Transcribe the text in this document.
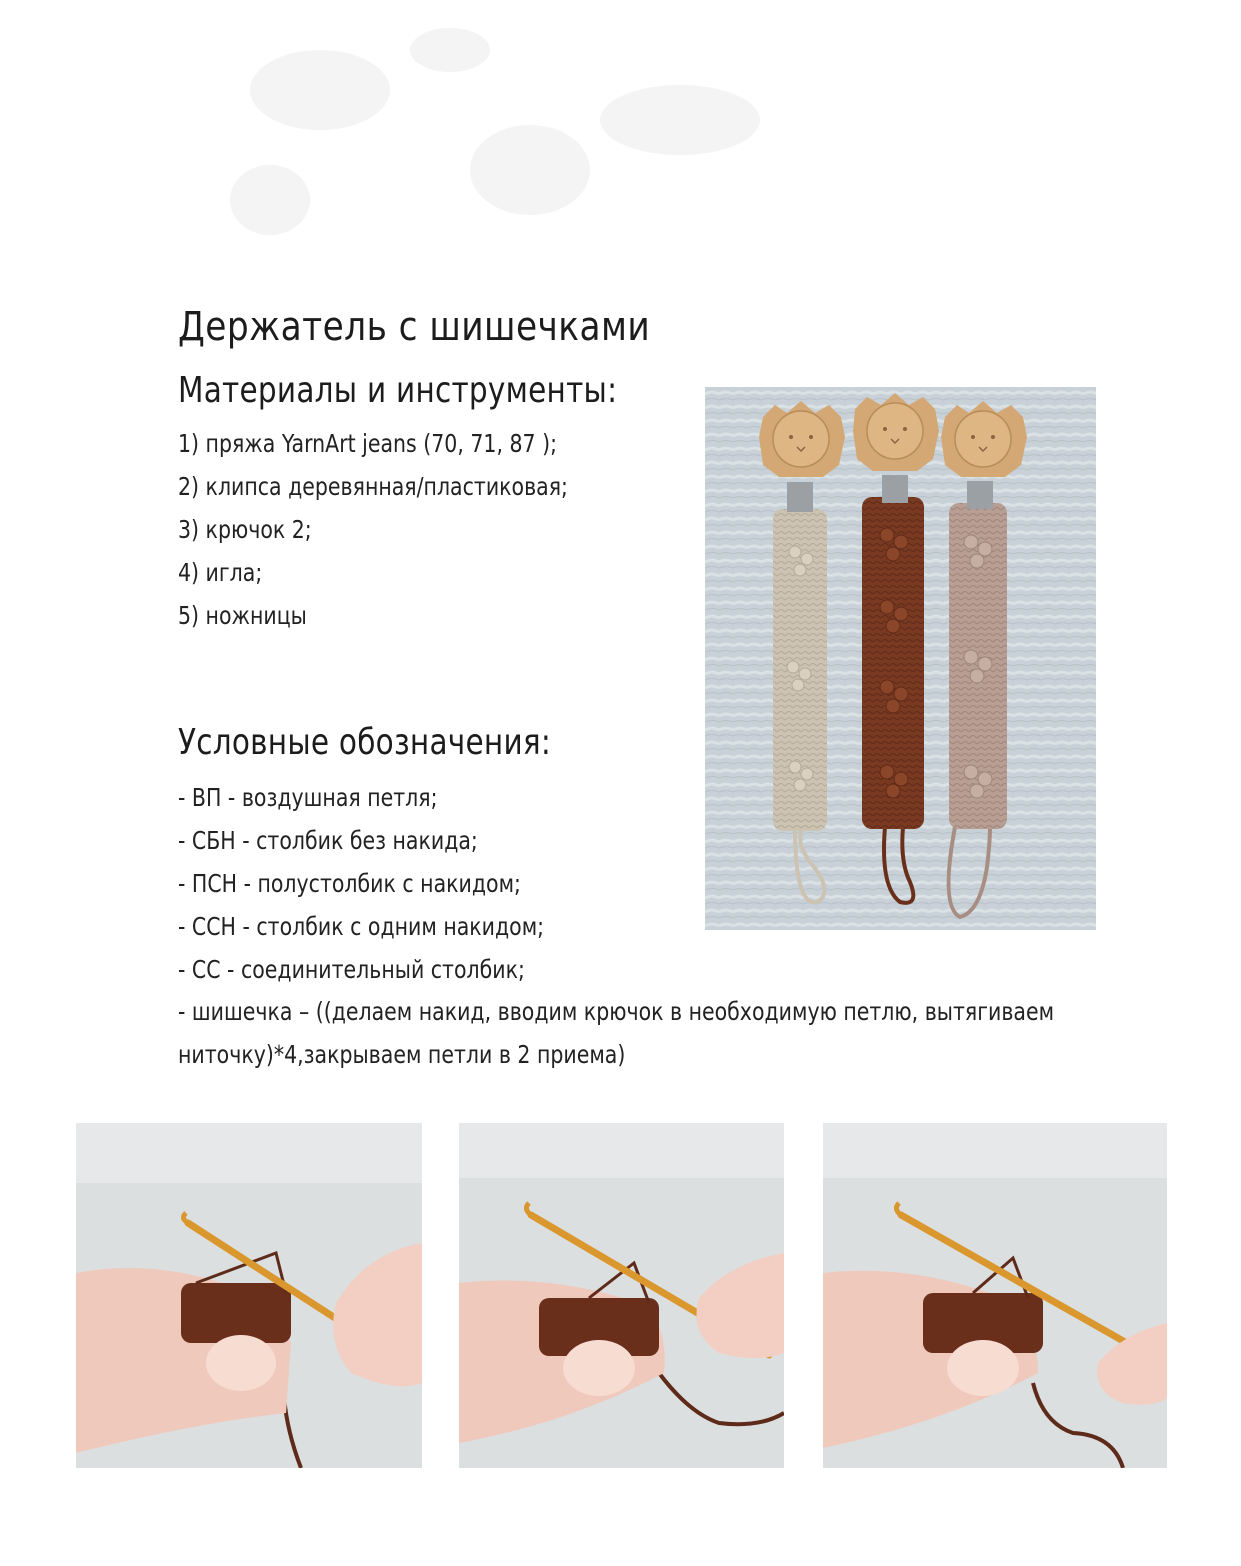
Держатель с шишечками
Материалы и инструменты:
1) пряжа YarnArt jeans (70, 71, 87 );
2) клипса деревянная/пластиковая;
3) крючок 2;
4) игла;
5) ножницы
Условные обозначения:
- ВП - воздушная петля;
- СБН - столбик без накида;
- ПСН - полустолбик с накидом;
- ССН - столбик с одним накидом;
- СС - соединительный столбик;
- шишечка – ((делаем накид, вводим крючок в необходимую петлю, вытягиваем
ниточку)*4,закрываем петли в 2 приема)
